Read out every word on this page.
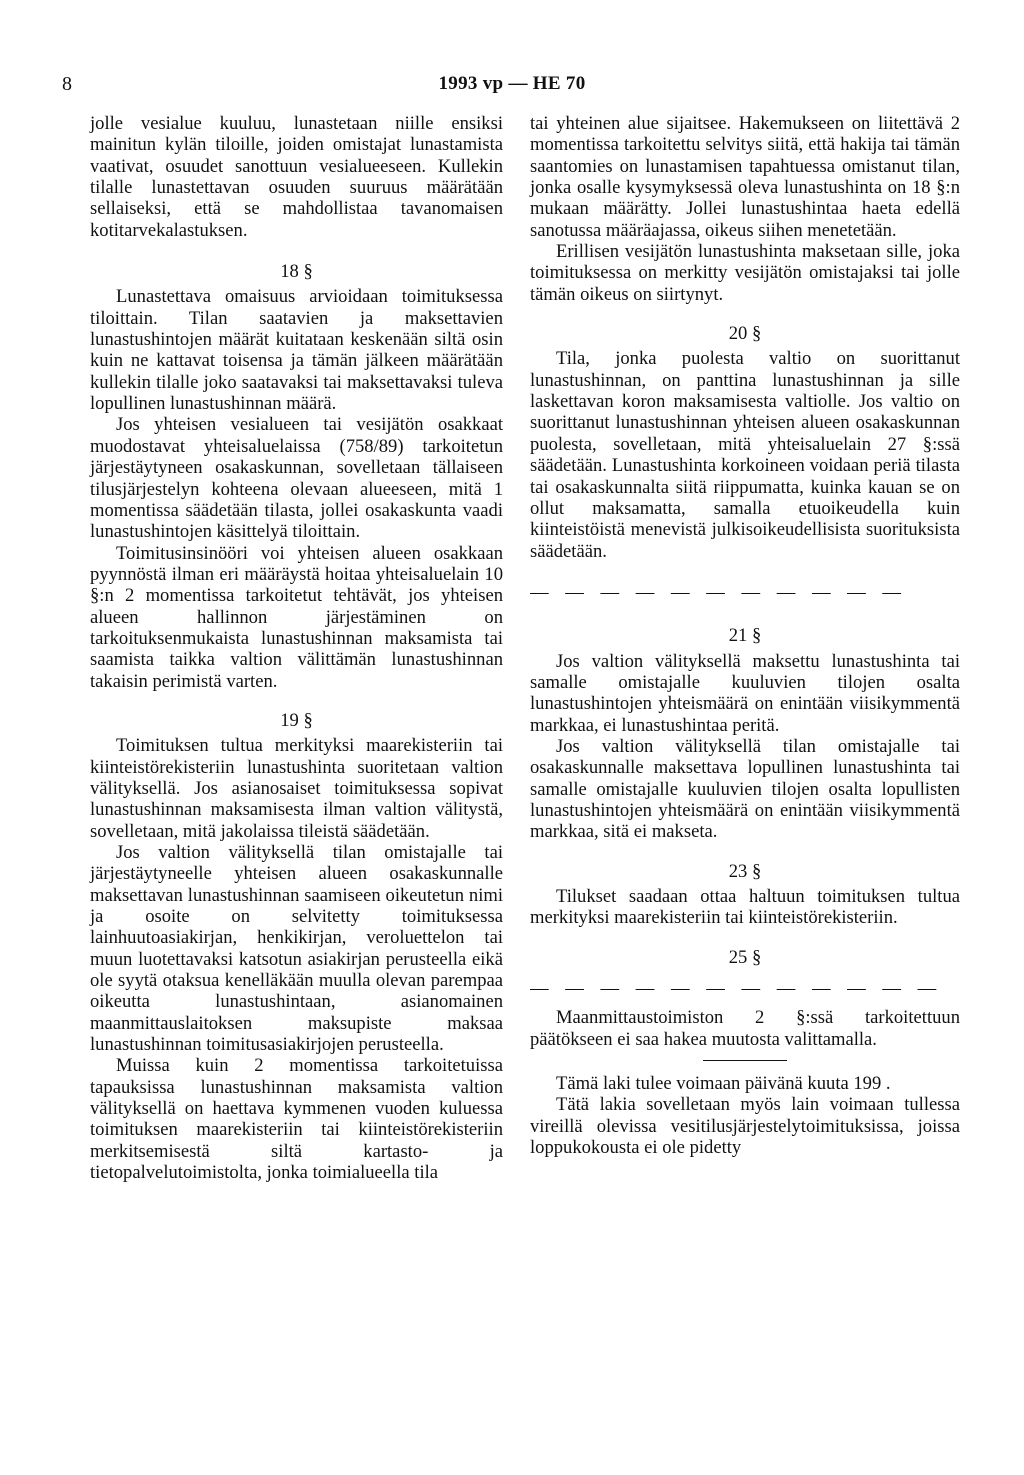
8	1993 vp — HE 70

jolle vesialue kuuluu, lunastetaan niille ensiksi mainitun kylän tiloille, joiden omistajat lunastamista vaativat, osuudet sanottuun vesialueeseen. Kullekin tilalle lunastettavan osuuden suuruus määrätään sellaiseksi, että se mahdollistaa tavanomaisen kotitarvekalastuksen.

18 §

Lunastettava omaisuus arvioidaan toimituksessa tiloittain. Tilan saatavien ja maksettavien lunastushintojen määrät kuitataan keskenään siltä osin kuin ne kattavat toisensa ja tämän jälkeen määrätään kullekin tilalle joko saatavaksi tai maksettavaksi tuleva lopullinen lunastushinnan määrä.

Jos yhteisen vesialueen tai vesijätön osakkaat muodostavat yhteisaluelaissa (758/89) tarkoitetun järjestäytyneen osakaskunnan, sovelletaan tällaiseen tilusjärjestelyn kohteena olevaan alueeseen, mitä 1 momentissa säädetään tilasta, jollei osakaskunta vaadi lunastushintojen käsittelyä tiloittain.

Toimitusinsinööri voi yhteisen alueen osakkaan pyynnöstä ilman eri määräystä hoitaa yhteisaluelain 10 §:n 2 momentissa tarkoitetut tehtävät, jos yhteisen alueen hallinnon järjestäminen on tarkoituksenmukaista lunastushinnan maksamista tai saamista taikka valtion välittämän lunastushinnan takaisin perimistä varten.

19 §

Toimituksen tultua merkityksi maarekisteriin tai kiinteistörekisteriin lunastushinta suoritetaan valtion välityksellä. Jos asianosaiset toimituksessa sopivat lunastushinnan maksamisesta ilman valtion välitystä, sovelletaan, mitä jakolaissa tileistä säädetään.

Jos valtion välityksellä tilan omistajalle tai järjestäytyneelle yhteisen alueen osakaskunnalle maksettavan lunastushinnan saamiseen oikeutetun nimi ja osoite on selvitetty toimituksessa lainhuutoasiakirjan, henkikirjan, veroluettelon tai muun luotettavaksi katsotun asiakirjan perusteella eikä ole syytä otaksua kenelläkään muulla olevan parempaa oikeutta lunastushintaan, asianomainen maanmittauslaitoksen maksupiste maksaa lunastushinnan toimitusasiakirjojen perusteella.

Muissa kuin 2 momentissa tarkoitetuissa tapauksissa lunastushinnan maksamista valtion välityksellä on haettava kymmenen vuoden kuluessa toimituksen maarekisteriin tai kiinteistörekisteriin merkitsemisestä siltä kartasto- ja tietopalvelutoimistolta, jonka toimialueella tila

tai yhteinen alue sijaitsee. Hakemukseen on liitettävä 2 momentissa tarkoitettu selvitys siitä, että hakija tai tämän saantomies on lunastamisen tapahtuessa omistanut tilan, jonka osalle kysymyksessä oleva lunastushinta on 18 §:n mukaan määrätty. Jollei lunastushintaa haeta edellä sanotussa määräajassa, oikeus siihen menetetään.

Erillisen vesijätön lunastushinta maksetaan sille, joka toimituksessa on merkitty vesijätön omistajaksi tai jolle tämän oikeus on siirtynyt.

20 §

Tila, jonka puolesta valtio on suorittanut lunastushinnan, on panttina lunastushinnan ja sille laskettavan koron maksamisesta valtiolle. Jos valtio on suorittanut lunastushinnan yhteisen alueen osakaskunnan puolesta, sovelletaan, mitä yhteisaluelain 27 §:ssä säädetään. Lunastushinta korkoineen voidaan periä tilasta tai osakaskunnalta siitä riippumatta, kuinka kauan se on ollut maksamatta, samalla etuoikeudella kuin kiinteistöistä menevistä julkisoikeudellisista suorituksista säädetään.

— — — — — — — — — — —
21 §

Jos valtion välityksellä maksettu lunastushinta tai samalle omistajalle kuuluvien tilojen osalta lunastushintojen yhteismäärä on enintään viisikymmentä markkaa, ei lunastushintaa peritä.

Jos valtion välityksellä tilan omistajalle tai osakaskunnalle maksettava lopullinen lunastushinta tai samalle omistajalle kuuluvien tilojen osalta lopullisten lunastushintojen yhteismäärä on enintään viisikymmentä markkaa, sitä ei makseta.

23 §

Tilukset saadaan ottaa haltuun toimituksen tultua merkityksi maarekisteriin tai kiinteistörekisteriin.

25 §
— — — — — — — — — — — —

Maanmittaustoimiston 2 §:ssä tarkoitettuun päätökseen ei saa hakea muutosta valittamalla.

Tämä laki tulee voimaan päivänä kuuta 199 .

Tätä lakia sovelletaan myös lain voimaan tullessa vireillä olevissa vesitilusjärjestelytoimituksissa, joissa loppukokousta ei ole pidetty
